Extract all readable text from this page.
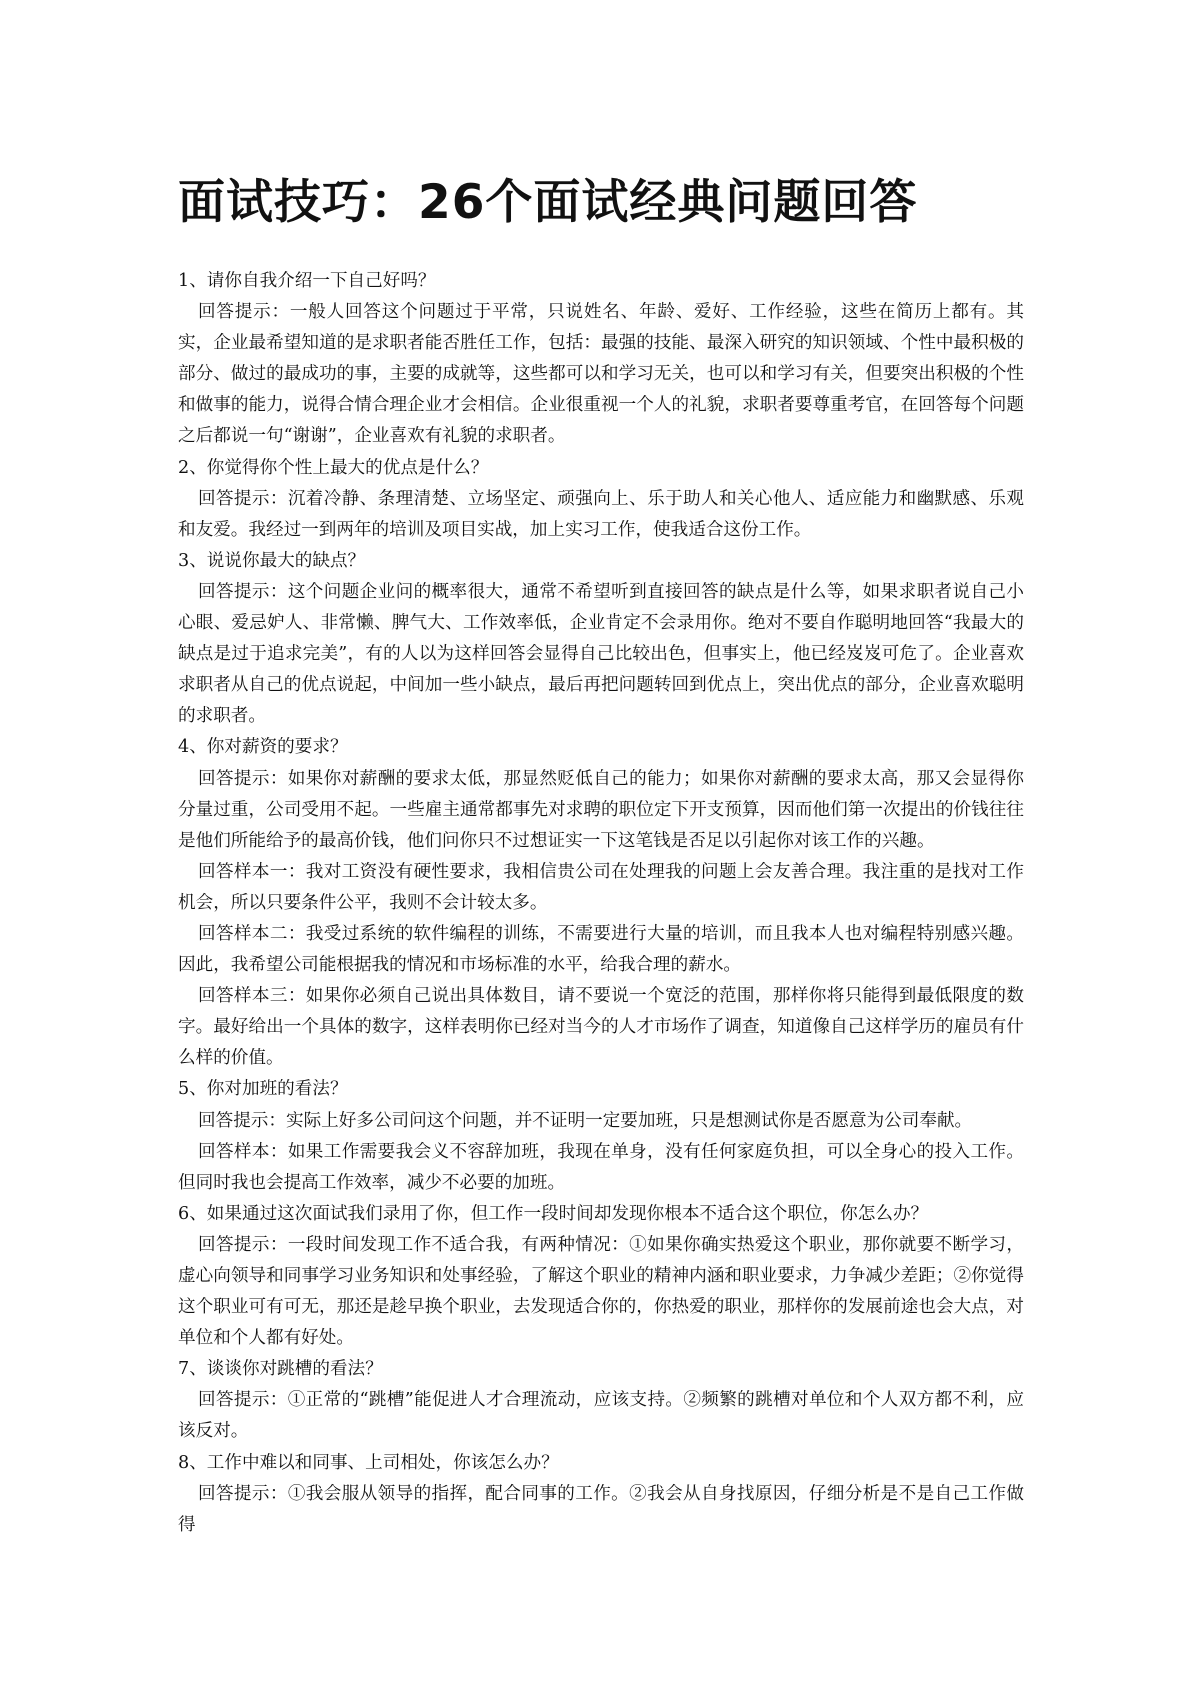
面试技巧：26个面试经典问题回答

1、请你自我介绍一下自己好吗？

回答提示：一般人回答这个问题过于平常，只说姓名、年龄、爱好、工作经验，这些在简历上都有。其实，企业最希望知道的是求职者能否胜任工作，包括：最强的技能、最深入研究的知识领域、个性中最积极的部分、做过的最成功的事，主要的成就等，这些都可以和学习无关，也可以和学习有关，但要突出积极的个性和做事的能力，说得合情合理企业才会相信。企业很重视一个人的礼貌，求职者要尊重考官，在回答每个问题之后都说一句“谢谢”，企业喜欢有礼貌的求职者。

2、你觉得你个性上最大的优点是什么？

回答提示：沉着冷静、条理清楚、立场坚定、顽强向上、乐于助人和关心他人、适应能力和幽默感、乐观和友爱。我经过一到两年的培训及项目实战，加上实习工作，使我适合这份工作。

3、说说你最大的缺点？

回答提示：这个问题企业问的概率很大，通常不希望听到直接回答的缺点是什么等，如果求职者说自己小心眼、爱忌妒人、非常懒、脾气大、工作效率低，企业肯定不会录用你。绝对不要自作聪明地回答“我最大的缺点是过于追求完美”，有的人以为这样回答会显得自己比较出色，但事实上，他已经岌岌可危了。企业喜欢求职者从自己的优点说起，中间加一些小缺点，最后再把问题转回到优点上，突出优点的部分，企业喜欢聪明的求职者。

4、你对薪资的要求？

回答提示：如果你对薪酬的要求太低，那显然贬低自己的能力；如果你对薪酬的要求太高，那又会显得你分量过重，公司受用不起。一些雇主通常都事先对求聘的职位定下开支预算，因而他们第一次提出的价钱往往是他们所能给予的最高价钱，他们问你只不过想证实一下这笔钱是否足以引起你对该工作的兴趣。

回答样本一：我对工资没有硬性要求，我相信贵公司在处理我的问题上会友善合理。我注重的是找对工作机会，所以只要条件公平，我则不会计较太多。

回答样本二：我受过系统的软件编程的训练，不需要进行大量的培训，而且我本人也对编程特别感兴趣。因此，我希望公司能根据我的情况和市场标准的水平，给我合理的薪水。

回答样本三：如果你必须自己说出具体数目，请不要说一个宽泛的范围，那样你将只能得到最低限度的数字。最好给出一个具体的数字，这样表明你已经对当今的人才市场作了调查，知道像自己这样学历的雇员有什么样的价值。

5、你对加班的看法？

回答提示：实际上好多公司问这个问题，并不证明一定要加班，只是想测试你是否愿意为公司奉献。

回答样本：如果工作需要我会义不容辞加班，我现在单身，没有任何家庭负担，可以全身心的投入工作。但同时我也会提高工作效率，减少不必要的加班。

6、如果通过这次面试我们录用了你，但工作一段时间却发现你根本不适合这个职位，你怎么办？

回答提示：一段时间发现工作不适合我，有两种情况：①如果你确实热爱这个职业，那你就要不断学习，虚心向领导和同事学习业务知识和处事经验，了解这个职业的精神内涵和职业要求，力争减少差距；②你觉得这个职业可有可无，那还是趁早换个职业，去发现适合你的，你热爱的职业，那样你的发展前途也会大点，对单位和个人都有好处。

7、谈谈你对跳槽的看法？

回答提示：①正常的“跳槽”能促进人才合理流动，应该支持。②频繁的跳槽对单位和个人双方都不利，应该反对。

8、工作中难以和同事、上司相处，你该怎么办？

回答提示：①我会服从领导的指挥，配合同事的工作。②我会从自身找原因，仔细分析是不是自己工作做得
